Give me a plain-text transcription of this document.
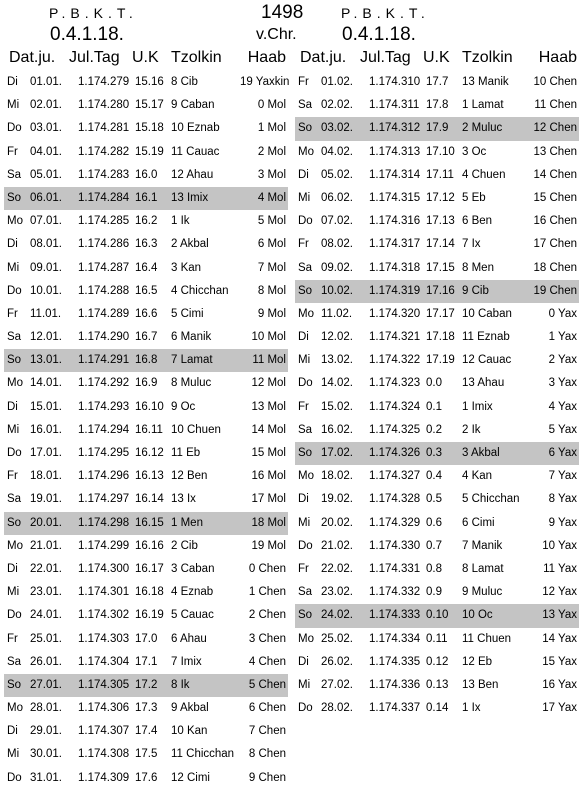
P.B.K.T.
0.4.1.18.
1498
v.Chr.
P.B.K.T.
0.4.1.18.
Dat.ju. Jul.Tag U.K Tzolkin	Haab
Di 01.01. 1.174.279 15.16 8 Cib	19 Yaxkin
Mi 02.01. 1.174.280 15.17 9 Caban	0 Mol
Do 03.01. 1.174.281 15.18 10 Eznab	1 Mol
Fr 04.01. 1.174.282 15.19 11 Cauac	2 Mol
Sa 05.01. 1.174.283 16.0 12 Ahau	3 Mol
So 06.01. 1.174.284 16.1 13 Imix	4 Mol
Mo 07.01. 1.174.285 16.2 1 Ik	5 Mol
Di 08.01. 1.174.286 16.3 2 Akbal	6 Mol
Mi 09.01. 1.174.287 16.4 3 Kan	7 Mol
Do 10.01. 1.174.288 16.5 4 Chicchan	8 Mol
Fr 11.01. 1.174.289 16.6 5 Cimi	9 Mol
Sa 12.01. 1.174.290 16.7 6 Manik	10 Mol
So 13.01. 1.174.291 16.8 7 Lamat	11 Mol
Mo 14.01. 1.174.292 16.9 8 Muluc	12 Mol
Di 15.01. 1.174.293 16.10 9 Oc	13 Mol
Mi 16.01. 1.174.294 16.11 10 Chuen	14 Mol
Do 17.01. 1.174.295 16.12 11 Eb	15 Mol
Fr 18.01. 1.174.296 16.13 12 Ben	16 Mol
Sa 19.01. 1.174.297 16.14 13 Ix	17 Mol
So 20.01. 1.174.298 16.15 1 Men	18 Mol
Mo 21.01. 1.174.299 16.16 2 Cib	19 Mol
Di 22.01. 1.174.300 16.17 3 Caban	0 Chen
Mi 23.01. 1.174.301 16.18 4 Eznab	1 Chen
Do 24.01. 1.174.302 16.19 5 Cauac	2 Chen
Fr 25.01. 1.174.303 17.0 6 Ahau	3 Chen
Sa 26.01. 1.174.304 17.1 7 Imix	4 Chen
So 27.01. 1.174.305 17.2 8 Ik	5 Chen
Mo 28.01. 1.174.306 17.3 9 Akbal	6 Chen
Di 29.01. 1.174.307 17.4 10 Kan	7 Chen
Mi 30.01. 1.174.308 17.5 11 Chicchan	8 Chen
Do 31.01. 1.174.309 17.6 12 Cimi	9 Chen
Dat.ju. Jul.Tag U.K Tzolkin	Haab
Fr 01.02. 1.174.310 17.7 13 Manik 10 Chen
Sa 02.02. 1.174.311 17.8 1 Lamat	11 Chen
So 03.02. 1.174.312 17.9 2 Muluc	12 Chen
Mo 04.02. 1.174.313 17.10 3 Oc	13 Chen
Di 05.02. 1.174.314 17.11 4 Chuen 14 Chen
Mi 06.02. 1.174.315 17.12 5 Eb	15 Chen
Do 07.02. 1.174.316 17.13 6 Ben	16 Chen
Fr 08.02. 1.174.317 17.14 7 Ix	17 Chen
Sa 09.02. 1.174.318 17.15 8 Men	18 Chen
So 10.02. 1.174.319 17.16 9 Cib	19 Chen
Mo 11.02. 1.174.320 17.17 10 Caban	0 Yax
Di 12.02. 1.174.321 17.18 11 Eznab	1 Yax
Mi 13.02. 1.174.322 17.19 12 Cauac	2 Yax
Do 14.02. 1.174.323 0.0 13 Ahau	3 Yax
Fr 15.02. 1.174.324 0.1 1 Imix	4 Yax
Sa 16.02. 1.174.325 0.2 2 Ik	5 Yax
So 17.02. 1.174.326 0.3 3 Akbal	6 Yax
Mo 18.02. 1.174.327 0.4 4 Kan	7 Yax
Di 19.02. 1.174.328 0.5 5 Chicchan	8 Yax
Mi 20.02. 1.174.329 0.6 6 Cimi	9 Yax
Do 21.02. 1.174.330 0.7 7 Manik	10 Yax
Fr 22.02. 1.174.331 0.8 8 Lamat	11 Yax
Sa 23.02. 1.174.332 0.9 9 Muluc	12 Yax
So 24.02. 1.174.333 0.10 10 Oc	13 Yax
Mo 25.02. 1.174.334 0.11 11 Chuen	14 Yax
Di 26.02. 1.174.335 0.12 12 Eb	15 Yax
Mi 27.02. 1.174.336 0.13 13 Ben	16 Yax
Do 28.02. 1.174.337 0.14 1 Ix	17 Yax
